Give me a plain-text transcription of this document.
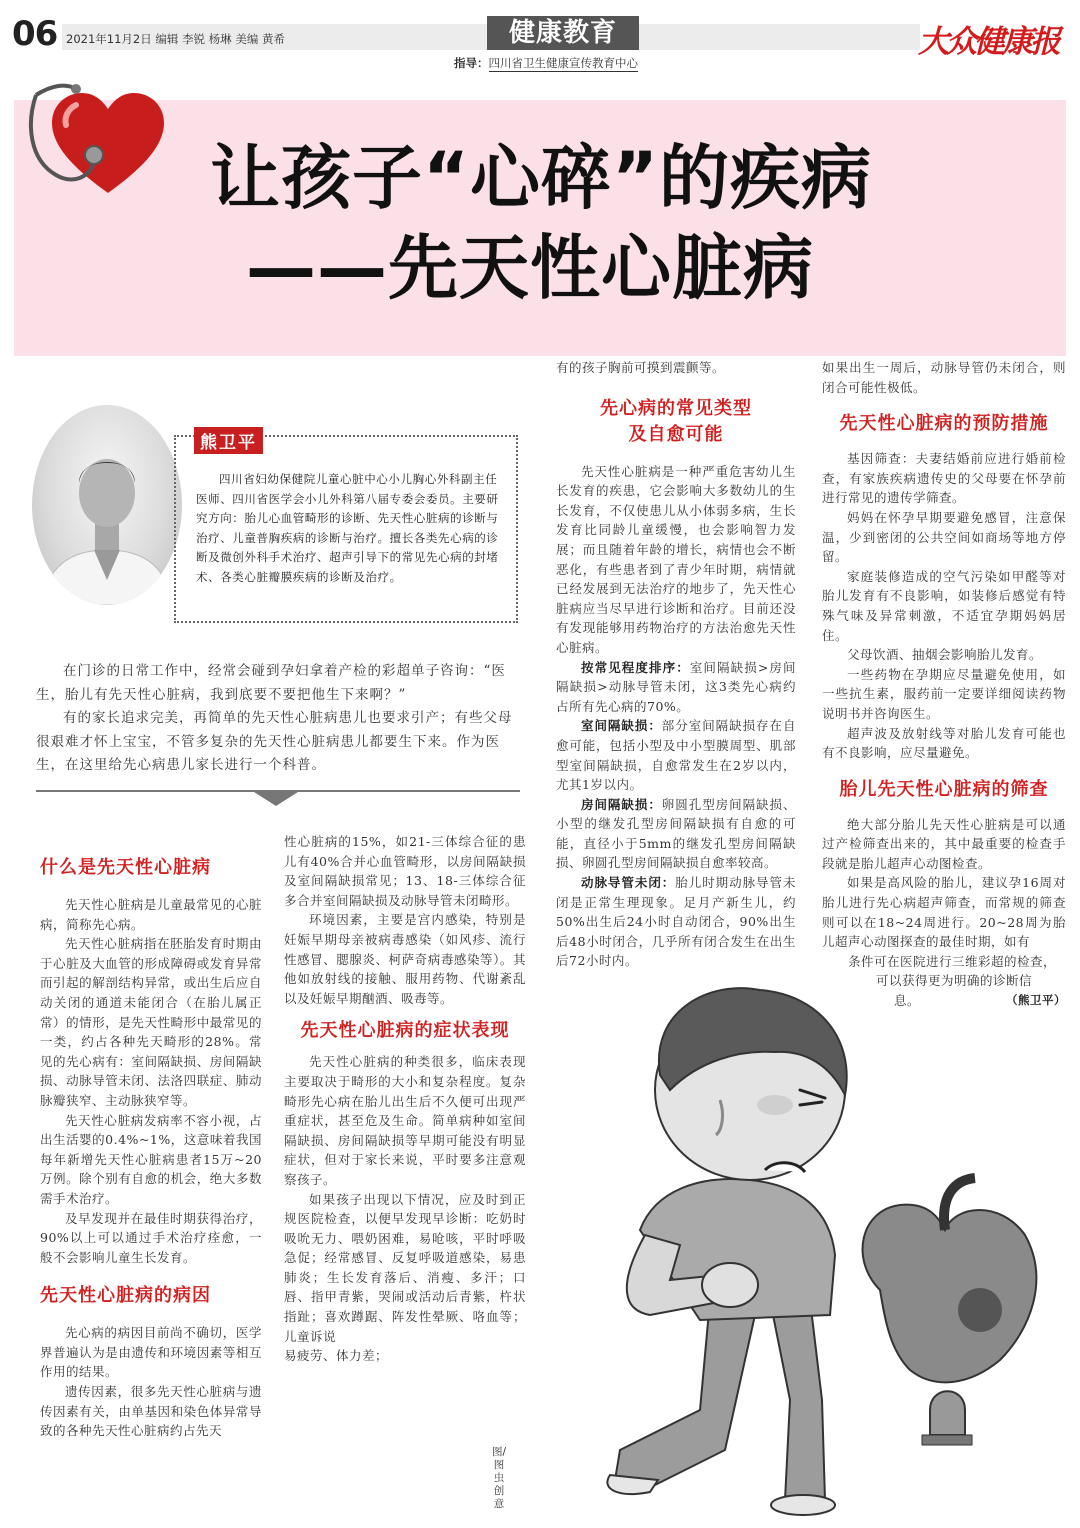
06 2021年11月2日 编辑 李锐 杨琳 美编 黄希	健康教育	大众健康报
指导：四川省卫生健康宣传教育中心
让孩子“心碎”的疾病
——先天性心脏病
熊卫平
四川省妇幼保健院儿童心脏中心小儿胸心外科副主任医师、四川省医学会小儿外科第八届专委会委员。主要研究方向：胎儿心血管畸形的诊断、先天性心脏病的诊断与治疗、儿童普胸疾病的诊断与治疗。擅长各类先心病的诊断及微创外科手术治疗、超声引导下的常见先心病的封堵术、各类心脏瓣膜疾病的诊断及治疗。

在门诊的日常工作中，经常会碰到孕妇拿着产检的彩超单子咨询：“医生，胎儿有先天性心脏病，我到底要不要把他生下来啊？”

有的家长追求完美，再简单的先天性心脏病患儿也要求引产；有些父母很艰难才怀上宝宝，不管多复杂的先天性心脏病患儿都要生下来。作为医生，在这里给先心病患儿家长进行一个科普。

什么是先天性心脏病

先天性心脏病是儿童最常见的心脏病，简称先心病。

先天性心脏病指在胚胎发育时期由于心脏及大血管的形成障碍或发育异常而引起的解剖结构异常，或出生后应自动关闭的通道未能闭合（在胎儿属正常）的情形，是先天性畸形中最常见的一类，约占各种先天畸形的28%。常见的先心病有：室间隔缺损、房间隔缺损、动脉导管未闭、法洛四联症、肺动脉瓣狭窄、主动脉狭窄等。

先天性心脏病发病率不容小视，占出生活婴的0.4%~1%，这意味着我国每年新增先天性心脏病患者15万~20万例。除个别有自愈的机会，绝大多数需手术治疗。

及早发现并在最佳时期获得治疗，90%以上可以通过手术治疗痊愈，一般不会影响儿童生长发育。

先天性心脏病的病因

先心病的病因目前尚不确切，医学界普遍认为是由遗传和环境因素等相互作用的结果。

遗传因素，很多先天性心脏病与遗传因素有关，由单基因和染色体异常导致的各种先天性心脏病约占先天

性心脏病的15%，如21-三体综合征的患儿有40%合并心血管畸形，以房间隔缺损及室间隔缺损常见；13、18-三体综合征多合并室间隔缺损及动脉导管未闭畸形。

环境因素，主要是宫内感染，特别是妊娠早期母亲被病毒感染（如风疹、流行性感冒、腮腺炎、柯萨奇病毒感染等）。其他如放射线的接触、服用药物、代谢紊乱以及妊娠早期酗酒、吸毒等。

先天性心脏病的症状表现

先天性心脏病的种类很多，临床表现主要取决于畸形的大小和复杂程度。复杂畸形先心病在胎儿出生后不久便可出现严重症状，甚至危及生命。简单病种如室间隔缺损、房间隔缺损等早期可能没有明显症状，但对于家长来说，平时要多注意观察孩子。

如果孩子出现以下情况，应及时到正规医院检查，以便早发现早诊断：吃奶时吸吮无力、喂奶困难，易呛咳，平时呼吸急促；经常感冒、反复呼吸道感染，易患肺炎；生长发育落后、消瘦、多汗；口唇、指甲青紫，哭闹或活动后青紫，杵状指趾；喜欢蹲踞、阵发性晕厥、咯血等；儿童诉说

易疲劳、体力差；

有的孩子胸前可摸到震颤等。

先心病的常见类型
及自愈可能

先天性心脏病是一种严重危害幼儿生长发育的疾患，它会影响大多数幼儿的生长发育，不仅使患儿从小体弱多病，生长发育比同龄儿童缓慢，也会影响智力发展；而且随着年龄的增长，病情也会不断恶化，有些患者到了青少年时期，病情就已经发展到无法治疗的地步了，先天性心脏病应当尽早进行诊断和治疗。目前还没有发现能够用药物治疗的方法治愈先天性心脏病。

按常见程度排序：室间隔缺损>房间隔缺损>动脉导管未闭，这3类先心病约占所有先心病的70%。

室间隔缺损：部分室间隔缺损存在自愈可能，包括小型及中小型膜周型、肌部型室间隔缺损，自愈常发生在2岁以内，尤其1岁以内。

房间隔缺损：卵圆孔型房间隔缺损、小型的继发孔型房间隔缺损有自愈的可能，直径小于5mm的继发孔型房间隔缺损、卵圆孔型房间隔缺损自愈率较高。

动脉导管未闭：胎儿时期动脉导管未闭是正常生理现象。足月产新生儿，约50%出生后24小时自动闭合，90%出生后48小时闭合，几乎所有闭合发生在出生后72小时内。

如果出生一周后，动脉导管仍未闭合，则闭合可能性极低。

先天性心脏病的预防措施

基因筛查：夫妻结婚前应进行婚前检查，有家族疾病遗传史的父母要在怀孕前进行常见的遗传学筛查。

妈妈在怀孕早期要避免感冒，注意保温，少到密闭的公共空间如商场等地方停留。

家庭装修造成的空气污染如甲醛等对胎儿发育有不良影响，如装修后感觉有特殊气味及异常刺激，不适宜孕期妈妈居住。

父母饮酒、抽烟会影响胎儿发育。

一些药物在孕期应尽量避免使用，如一些抗生素，服药前一定要详细阅读药物说明书并咨询医生。

超声波及放射线等对胎儿发育可能也有不良影响，应尽量避免。

胎儿先天性心脏病的筛查

绝大部分胎儿先天性心脏病是可以通过产检筛查出来的，其中最重要的检查手段就是胎儿超声心动图检查。

如果是高风险的胎儿，建议孕16周对胎儿进行先心病超声筛查，而常规的筛查则可以在18~24周进行。20~28周为胎儿超声心动图探查的最佳时期，如有

条件可在医院进行三维彩超的检查，

可以获得更为明确的诊断信

息。	（熊卫平）

图/图虫创意
